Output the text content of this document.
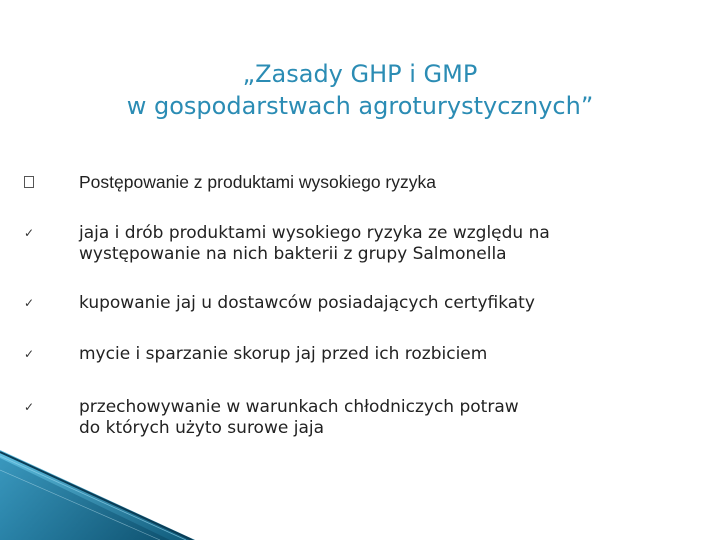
„Zasady GHP i GMP
w gospodarstwach agroturystycznych”
Postępowanie z produktami wysokiego ryzyka
✓	jaja i drób produktami wysokiego ryzyka ze względu na
występowanie na nich bakterii z grupy Salmonella
✓	kupowanie jaj u dostawców posiadających certyfikaty
✓	mycie i sparzanie skorup jaj przed ich rozbiciem
✓	przechowywanie w warunkach chłodniczych potraw
do których użyto surowe jaja
